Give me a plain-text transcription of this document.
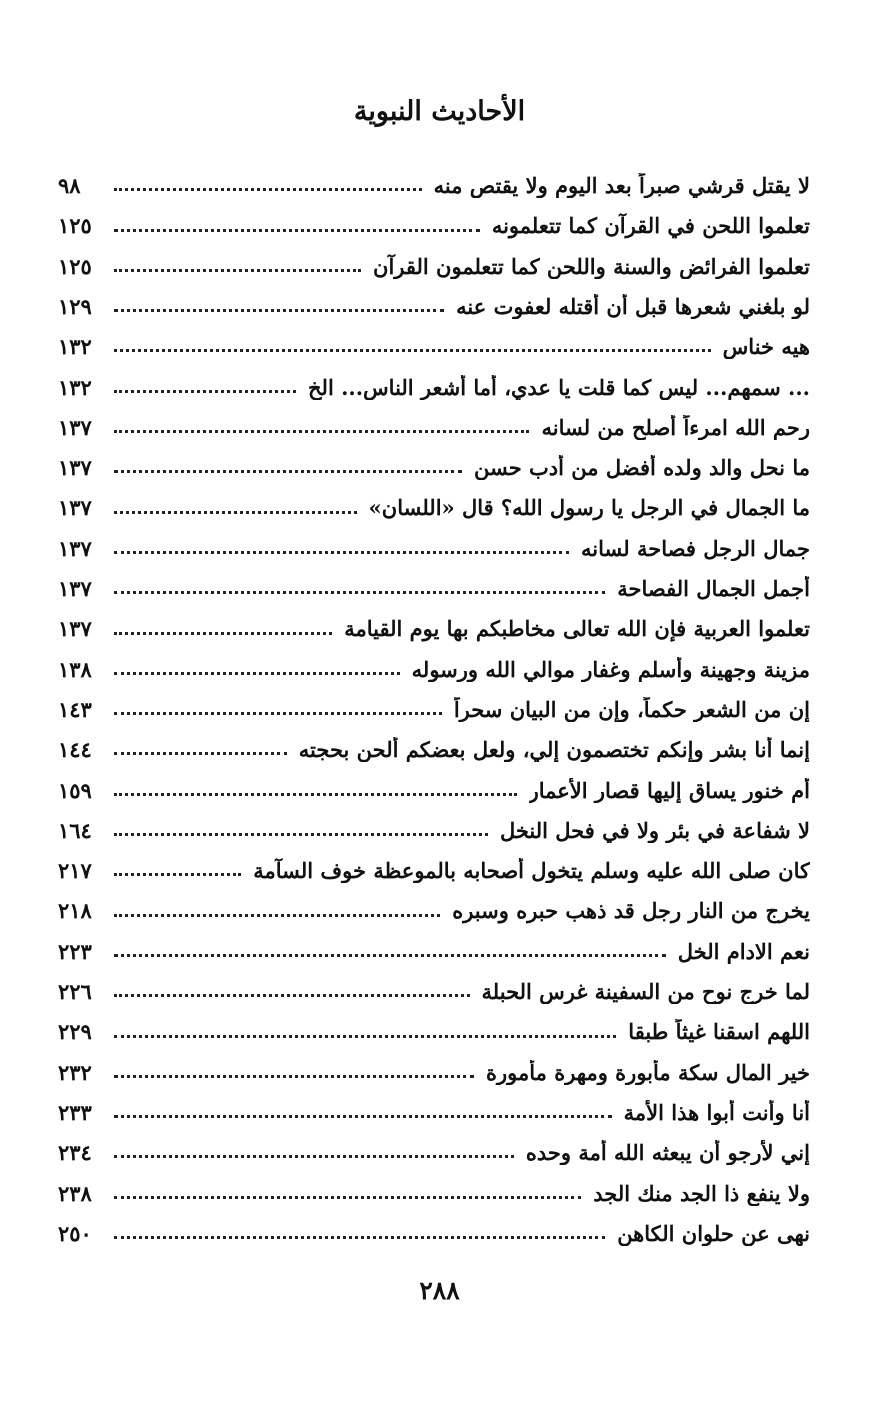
الأحاديث النبوية
لا يقتل قرشي صبراً بعد اليوم ولا يقتص منه
٩٨
تعلموا اللحن في القرآن كما تتعلمونه
١٢٥
تعلموا الفرائض والسنة واللحن كما تتعلمون القرآن
١٢٥
لو بلغني شعرها قبل أن أقتله لعفوت عنه
١٢٩
هيه خناس
١٣٢
... سمهم... ليس كما قلت يا عدي، أما أشعر الناس... الخ
١٣٢
رحم الله امرءاً أصلح من لسانه
١٣٧
ما نحل والد ولده أفضل من أدب حسن
١٣٧
ما الجمال في الرجل يا رسول الله؟ قال «اللسان»
١٣٧
جمال الرجل فصاحة لسانه
١٣٧
أجمل الجمال الفصاحة
١٣٧
تعلموا العربية فإن الله تعالى مخاطبكم بها يوم القيامة
١٣٧
مزينة وجهينة وأسلم وغفار موالي الله ورسوله
١٣٨
إن من الشعر حكماً، وإن من البيان سحراً
١٤٣
إنما أنا بشر وإنكم تختصمون إلي، ولعل بعضكم ألحن بحجته
١٤٤
أم خنور يساق إليها قصار الأعمار
١٥٩
لا شفاعة في بئر ولا في فحل النخل
١٦٤
كان صلى الله عليه وسلم يتخول أصحابه بالموعظة خوف السآمة
٢١٧
يخرج من النار رجل قد ذهب حبره وسبره
٢١٨
نعم الادام الخل
٢٢٣
لما خرج نوح من السفينة غرس الحبلة
٢٢٦
اللهم اسقنا غيثاً طبقا
٢٢٩
خير المال سكة مأبورة ومهرة مأمورة
٢٣٢
أنا وأنت أبوا هذا الأمة
٢٣٣
إني لأرجو أن يبعثه الله أمة وحده
٢٣٤
ولا ينفع ذا الجد منك الجد
٢٣٨
نهى عن حلوان الكاهن
٢٥٠
٢٨٨
